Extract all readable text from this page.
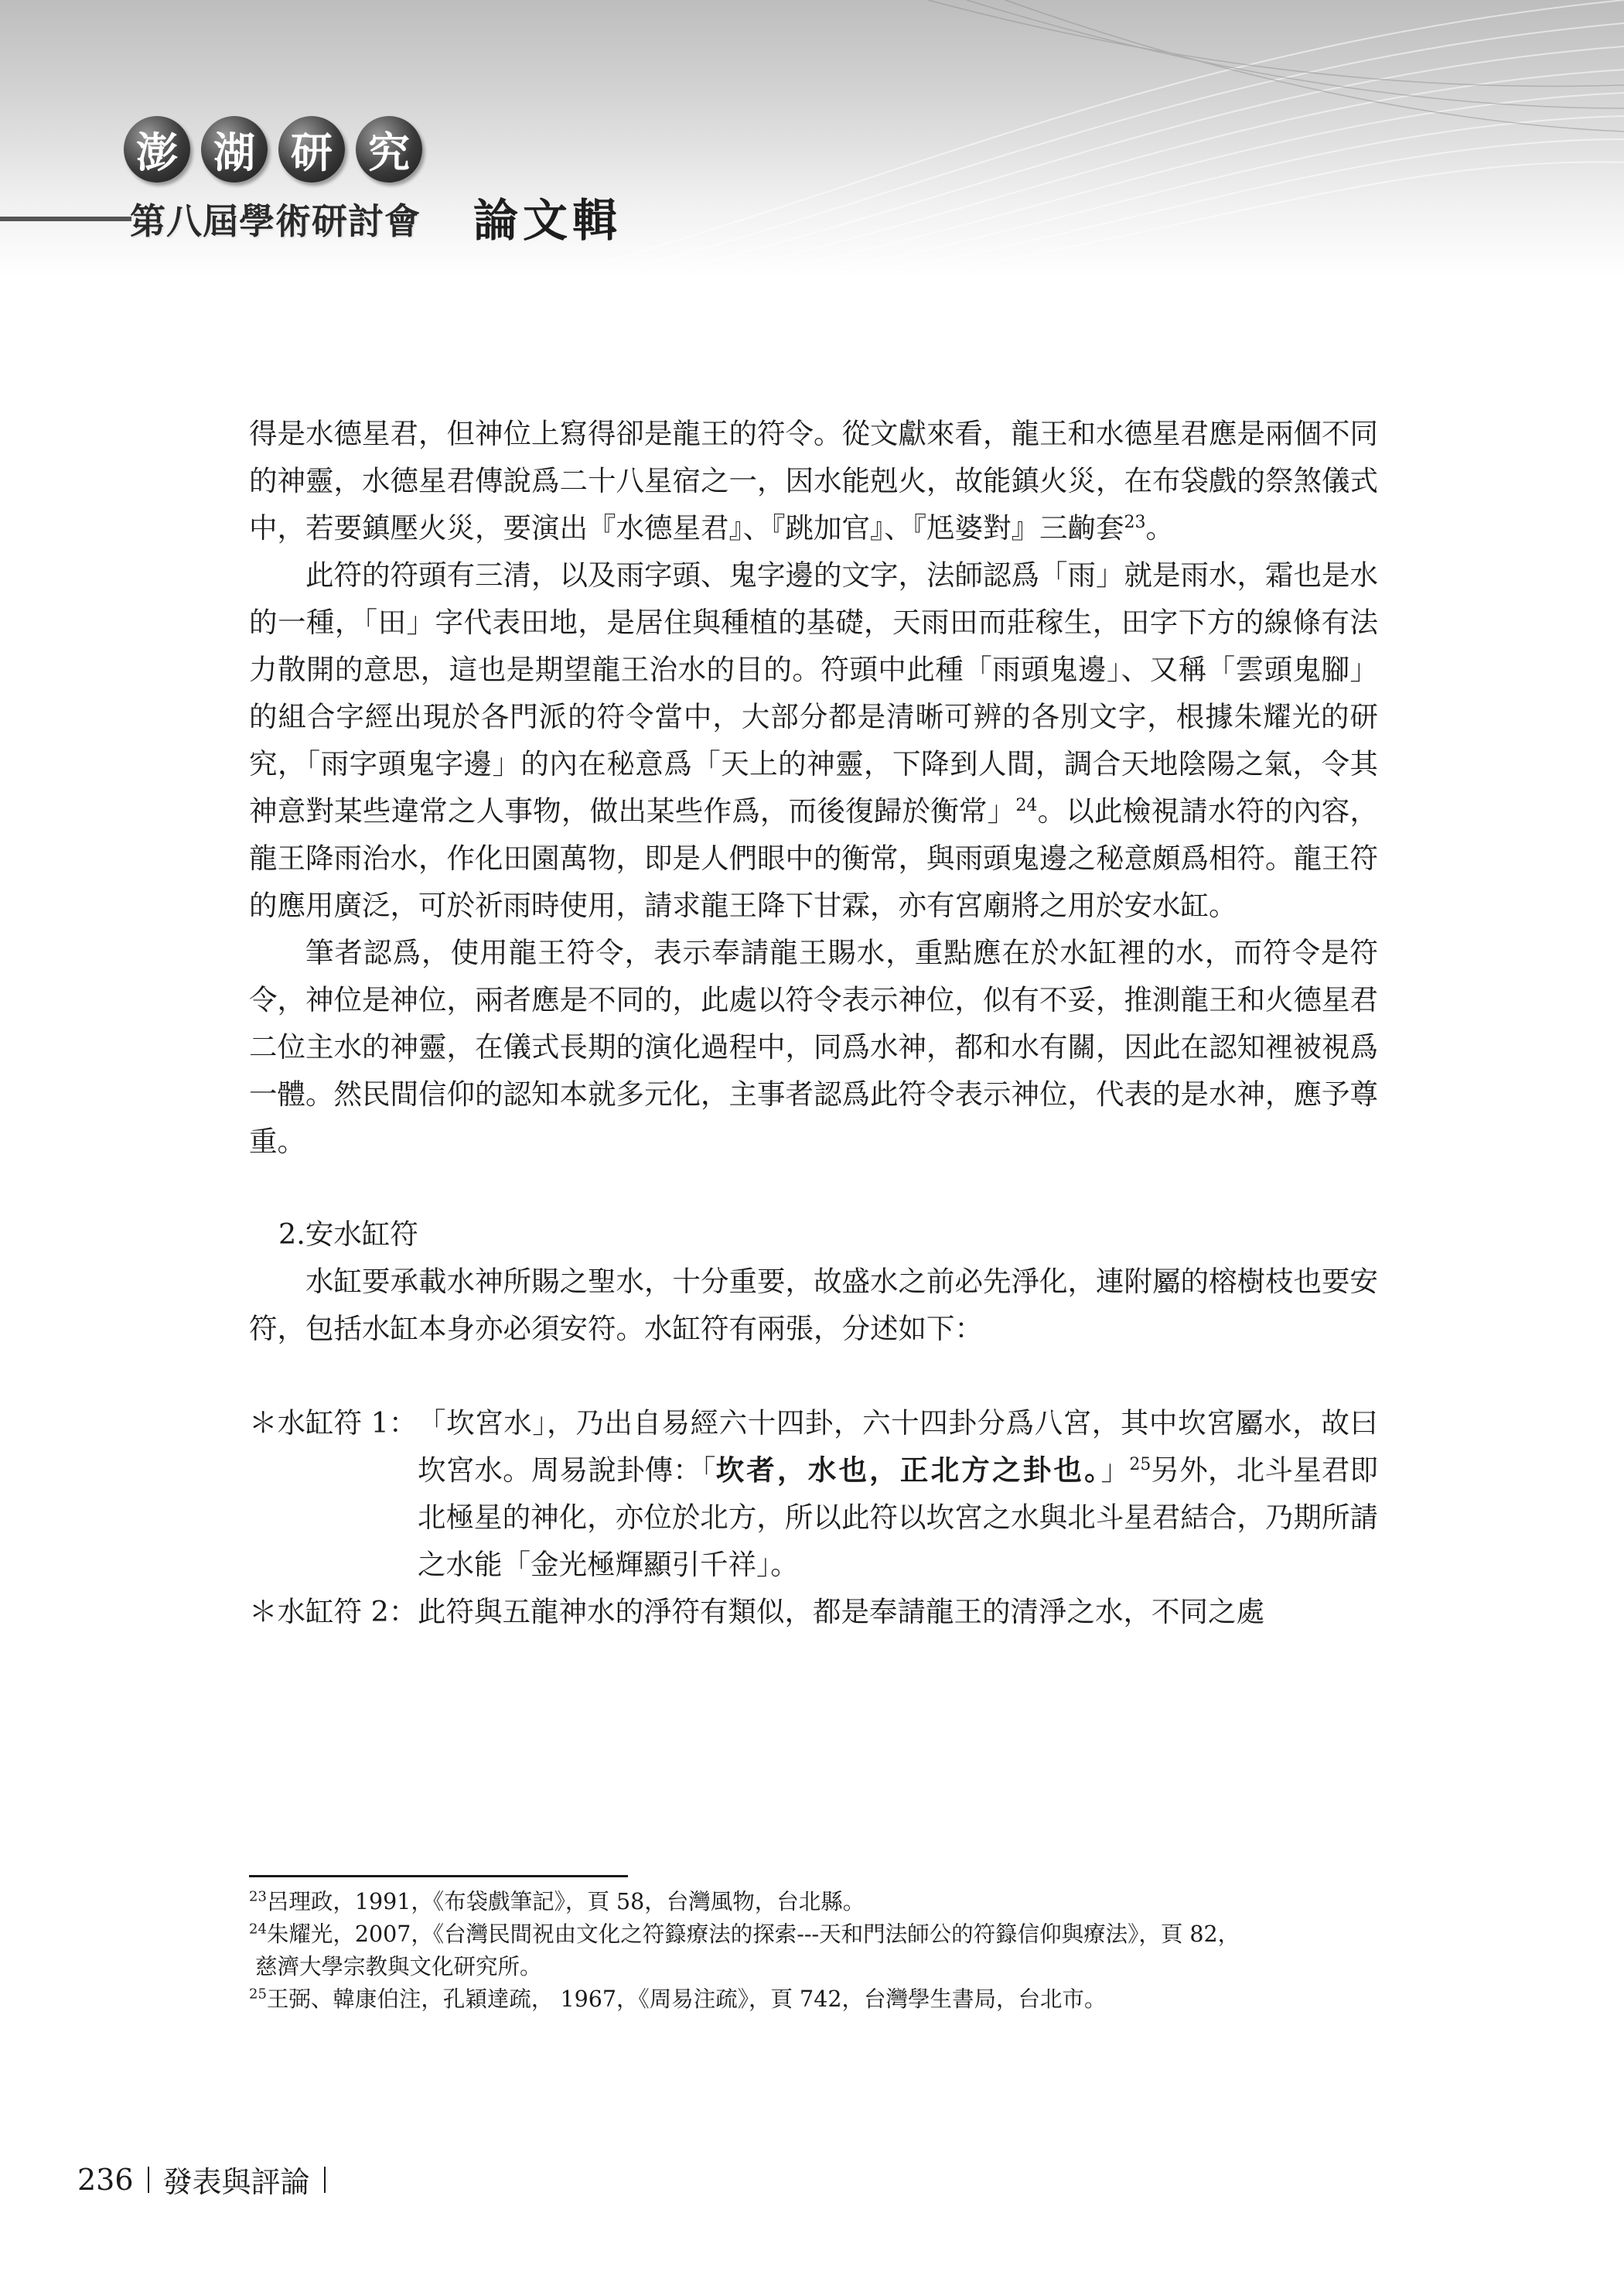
澎 湖 研 究
第八屆學術研討會 論文輯

得是水德星君，但神位上寫得卻是龍王的符令。從文獻來看，龍王和水德星君應是兩個不同的神靈，水德星君傳說爲二十八星宿之一，因水能剋火，故能鎮火災，在布袋戲的祭煞儀式中，若要鎮壓火災，要演出『水德星君』、『跳加官』、『尪婆對』三齣套$^{23}$。

此符的符頭有三清，以及雨字頭、鬼字邊的文字，法師認爲「雨」就是雨水，霜也是水的一種，「田」字代表田地，是居住與種植的基礎，天雨田而莊稼生，田字下方的線條有法力散開的意思，這也是期望龍王治水的目的。符頭中此種「雨頭鬼邊」、又稱「雲頭鬼腳」的組合字經出現於各門派的符令當中，大部分都是清晰可辨的各別文字，根據朱耀光的研究，「雨字頭鬼字邊」的內在秘意爲「天上的神靈，下降到人間，調合天地陰陽之氣，令其神意對某些違常之人事物，做出某些作爲，而後復歸於衡常」$^{24}$。以此檢視請水符的內容，龍王降雨治水，作化田園萬物，即是人們眼中的衡常，與雨頭鬼邊之秘意頗爲相符。龍王符的應用廣泛，可於祈雨時使用，請求龍王降下甘霖，亦有宮廟將之用於安水缸。

筆者認爲，使用龍王符令，表示奉請龍王賜水，重點應在於水缸裡的水，而符令是符令，神位是神位，兩者應是不同的，此處以符令表示神位，似有不妥，推測龍王和火德星君二位主水的神靈，在儀式長期的演化過程中，同爲水神，都和水有關，因此在認知裡被視爲一體。然民間信仰的認知本就多元化，主事者認爲此符令表示神位，代表的是水神，應予尊重。

2.安水缸符

水缸要承載水神所賜之聖水，十分重要，故盛水之前必先淨化，連附屬的榕樹枝也要安符，包括水缸本身亦必須安符。水缸符有兩張，分述如下：

＊水缸符 1： 「坎宮水」，乃出自易經六十四卦，六十四卦分爲八宮，其中坎宮屬水，故曰坎宮水。周易說卦傳：「坎者，水也，正北方之卦也。」$^{25}$另外，北斗星君即北極星的神化，亦位於北方，所以此符以坎宮之水與北斗星君結合，乃期所請之水能「金光極輝顯引千祥」。
＊水缸符 2： 此符與五龍神水的淨符有類似，都是奉請龍王的清淨之水，不同之處

$^{23}$呂理政，1991，《布袋戲筆記》，頁 58，台灣風物，台北縣。

$^{24}$朱耀光，2007，《台灣民間祝由文化之符籙療法的探索---天和門法師公的符籙信仰與療法》，頁 82，

慈濟大學宗教與文化研究所。

$^{25}$王弼、韓康伯注，孔穎達疏， 1967，《周易注疏》，頁 742，台灣學生書局，台北市。

236 發表與評論
